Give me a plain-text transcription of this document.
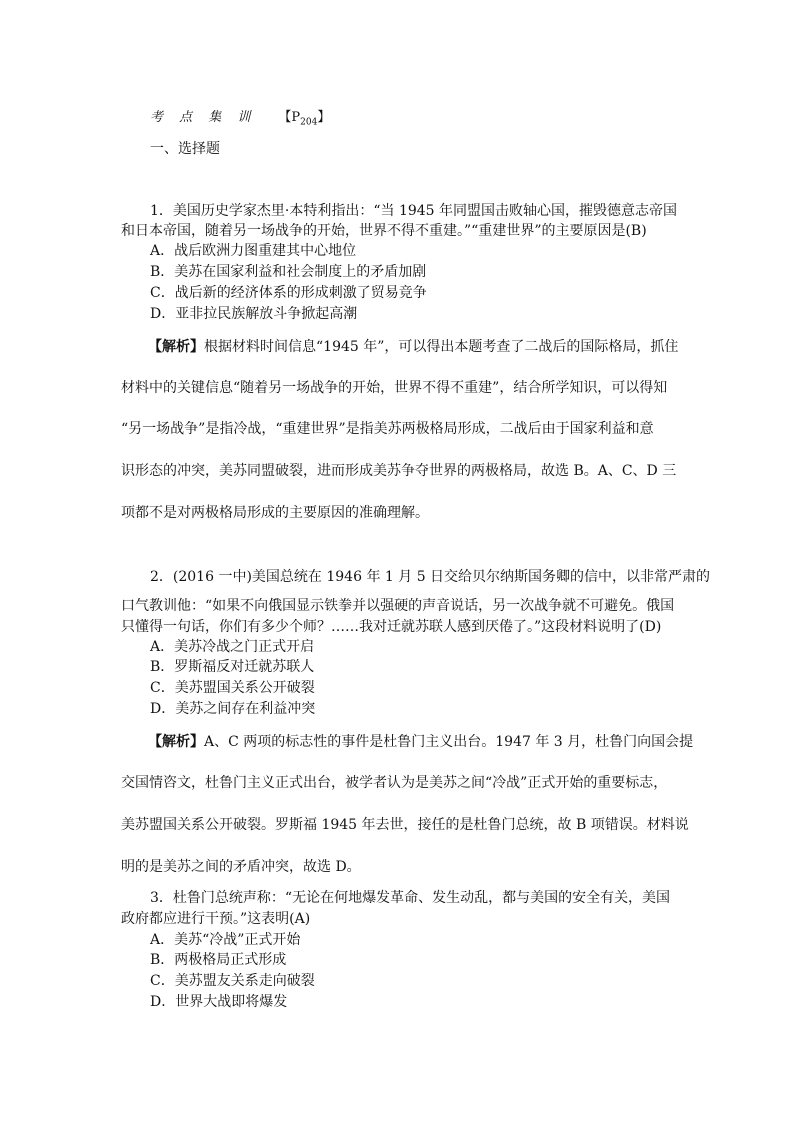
考 点 集 训 【$P_{204}$】
一、选择题
1．美国历史学家杰里·本特利指出：“当 1945 年同盟国击败轴心国，摧毁德意志帝国
和日本帝国，随着另一场战争的开始，世界不得不重建。”“重建世界”的主要原因是(B)
A．战后欧洲力图重建其中心地位
B．美苏在国家利益和社会制度上的矛盾加剧
C．战后新的经济体系的形成刺激了贸易竞争
D．亚非拉民族解放斗争掀起高潮
【解析】根据材料时间信息“1945 年”，可以得出本题考查了二战后的国际格局，抓住
材料中的关键信息“随着另一场战争的开始，世界不得不重建”，结合所学知识，可以得知
“另一场战争”是指冷战，“重建世界”是指美苏两极格局形成，二战后由于国家利益和意
识形态的冲突，美苏同盟破裂，进而形成美苏争夺世界的两极格局，故选 B。A、C、D 三
项都不是对两极格局形成的主要原因的准确理解。
2．(2016 一中)美国总统在 1946 年 1 月 5 日交给贝尔纳斯国务卿的信中，以非常严肃的
口气教训他：“如果不向俄国显示铁拳并以强硬的声音说话，另一次战争就不可避免。俄国
只懂得一句话，你们有多少个师？……我对迁就苏联人感到厌倦了。”这段材料说明了(D)
A．美苏冷战之门正式开启
B．罗斯福反对迁就苏联人
C．美苏盟国关系公开破裂
D．美苏之间存在利益冲突
【解析】A、C 两项的标志性的事件是杜鲁门主义出台。1947 年 3 月，杜鲁门向国会提
交国情咨文，杜鲁门主义正式出台，被学者认为是美苏之间“冷战”正式开始的重要标志，
美苏盟国关系公开破裂。罗斯福 1945 年去世，接任的是杜鲁门总统，故 B 项错误。材料说
明的是美苏之间的矛盾冲突，故选 D。
3．杜鲁门总统声称：“无论在何地爆发革命、发生动乱，都与美国的安全有关，美国
政府都应进行干预。”这表明(A)
A．美苏“冷战”正式开始
B．两极格局正式形成
C．美苏盟友关系走向破裂
D．世界大战即将爆发
